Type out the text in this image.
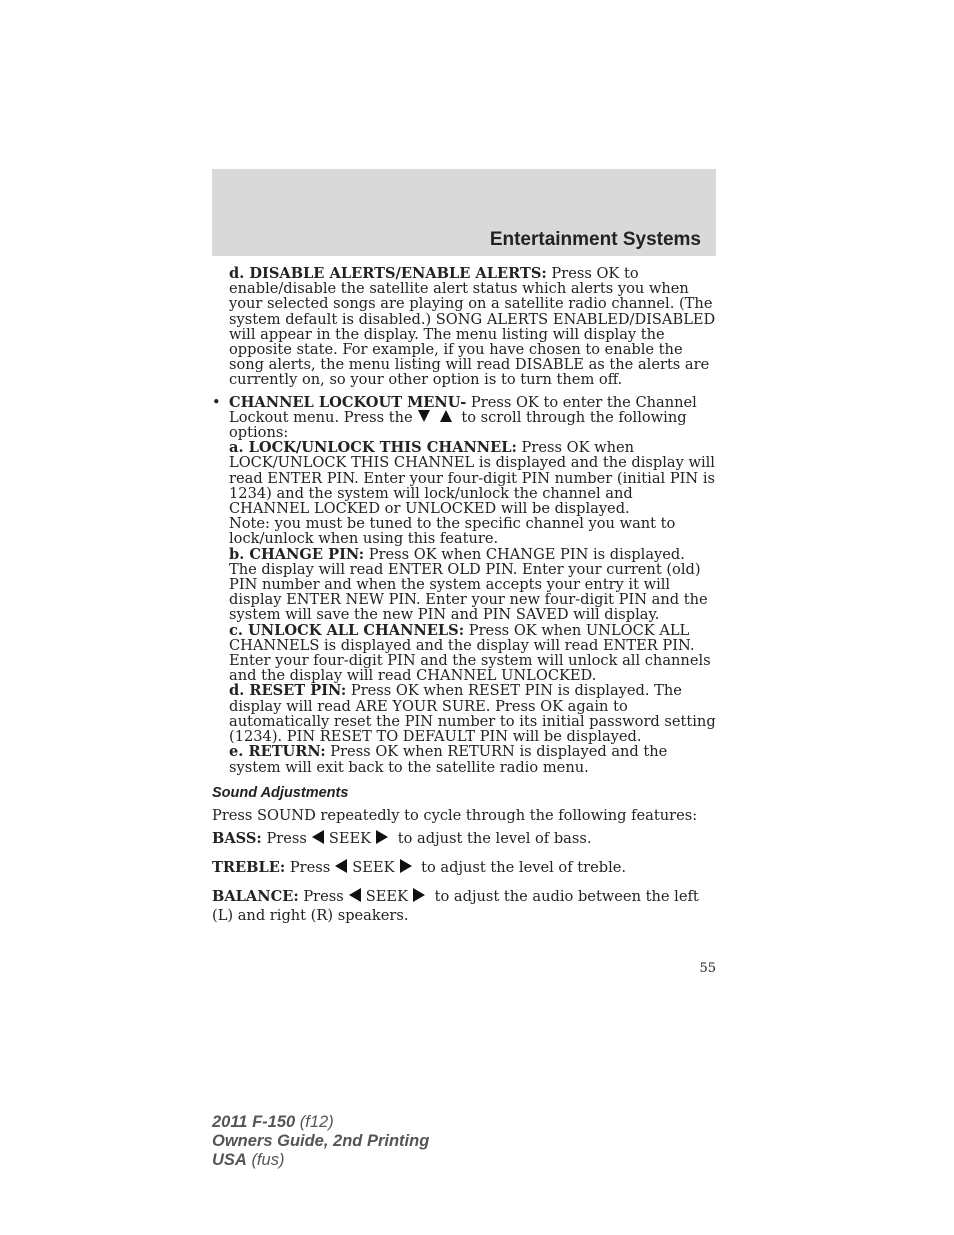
Entertainment Systems

d. DISABLE ALERTS/ENABLE ALERTS: Press OK to enable/disable the satellite alert status which alerts you when your selected songs are playing on a satellite radio channel. (The system default is disabled.) SONG ALERTS ENABLED/DISABLED will appear in the display. The menu listing will display the opposite state. For example, if you have chosen to enable the song alerts, the menu listing will read DISABLE as the alerts are currently on, so your other option is to turn them off.

• CHANNEL LOCKOUT MENU- Press OK to enter the Channel Lockout menu. Press the	to scroll through the following options:

a. LOCK/UNLOCK THIS CHANNEL: Press OK when LOCK/UNLOCK THIS CHANNEL is displayed and the display will read ENTER PIN. Enter your four-digit PIN number (initial PIN is 1234) and the system will lock/unlock the channel and CHANNEL LOCKED or UNLOCKED will be displayed.

Note: you must be tuned to the specific channel you want to lock/unlock when using this feature.

b. CHANGE PIN: Press OK when CHANGE PIN is displayed. The display will read ENTER OLD PIN. Enter your current (old) PIN number and when the system accepts your entry it will display ENTER NEW PIN. Enter your new four-digit PIN and the system will save the new PIN and PIN SAVED will display.

c. UNLOCK ALL CHANNELS: Press OK when UNLOCK ALL CHANNELS is displayed and the display will read ENTER PIN. Enter your four-digit PIN and the system will unlock all channels and the display will read CHANNEL UNLOCKED.

d. RESET PIN: Press OK when RESET PIN is displayed. The display will read ARE YOUR SURE. Press OK again to automatically reset the PIN number to its initial password setting (1234). PIN RESET TO DEFAULT PIN will be displayed.

e. RETURN: Press OK when RETURN is displayed and the system will exit back to the satellite radio menu.

Sound Adjustments

Press SOUND repeatedly to cycle through the following features:

BASS: Press SEEK to adjust the level of bass.

TREBLE: Press SEEK to adjust the level of treble.

BALANCE: Press SEEK to adjust the audio between the left (L) and right (R) speakers.

55
2011 F-150 (f12)
Owners Guide, 2nd Printing
USA (fus)
